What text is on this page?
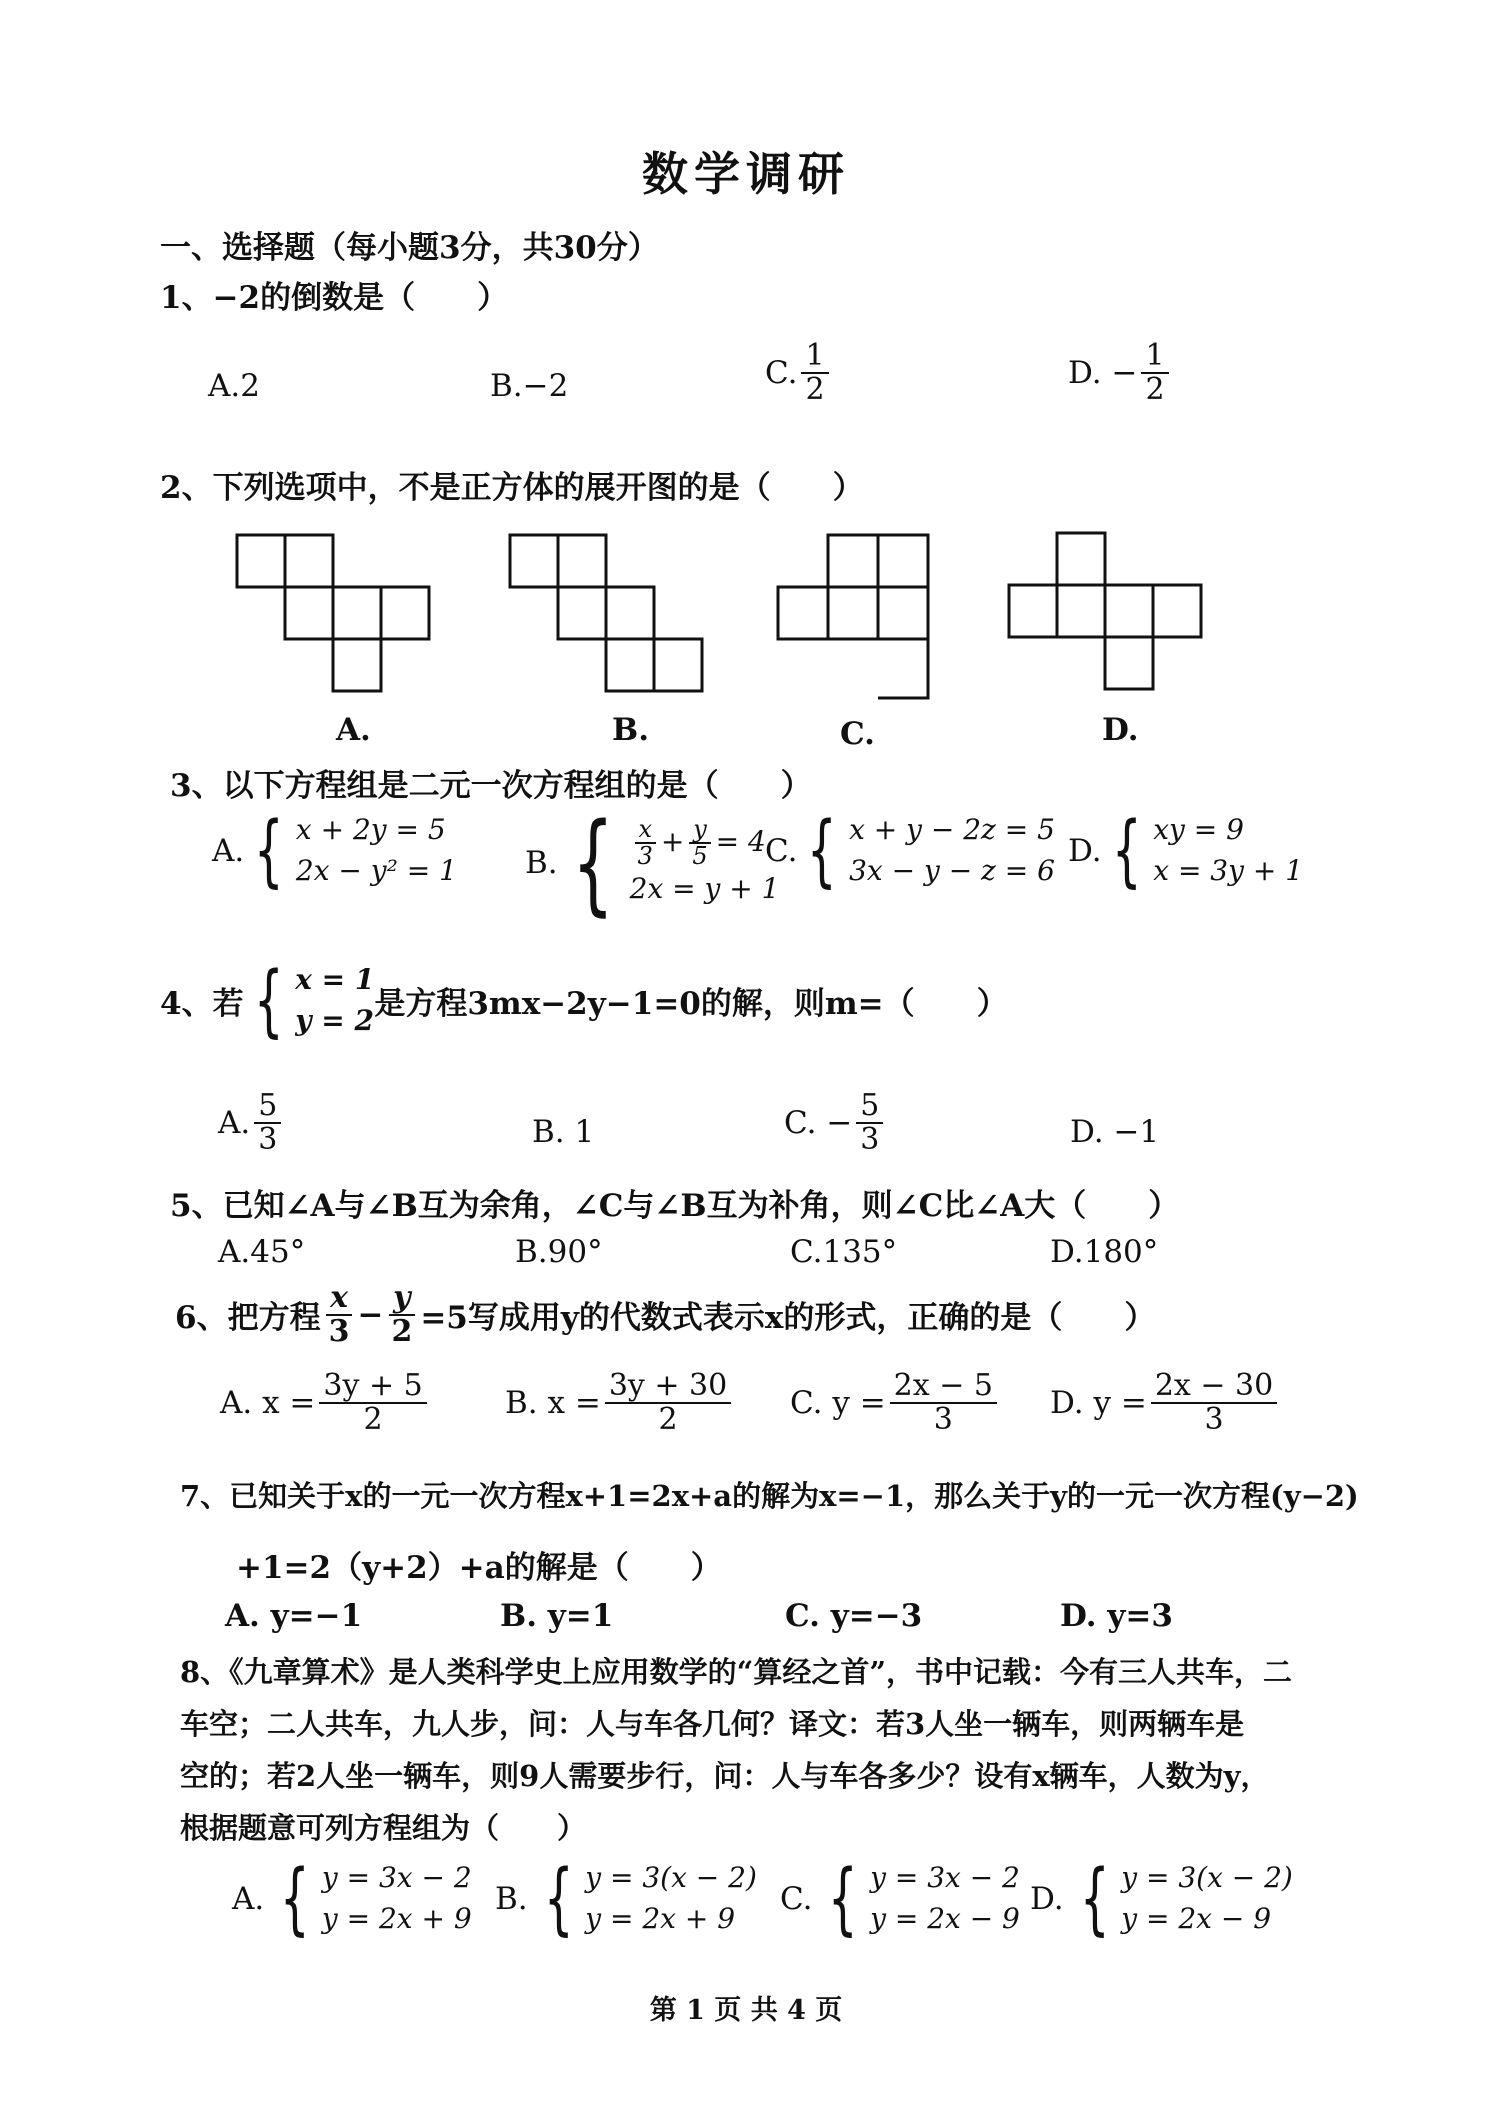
数学调研
一、选择题（每小题3分，共30分）
1、−2的倒数是（　　）
A.2	B.−2	C. $\frac{1}{2}$	D. − $\frac{1}{2}$
2、下列选项中，不是正方体的展开图的是（　　）
A.	B.	C.	D.
3、以下方程组是二元一次方程组的是（　　）
A. { x + 2y = 5
2x − y² = 1 B. { $\frac{x}{3} + \frac{y}{5} = 4$
2x = y + 1
C. { x + y − 2z = 5
3x − y − z = 6
D. { xy = 9
x = 3y + 1
4、若 { x = 1
y = 2 是方程3mx−2y−1=0的解，则m=（　　）
A. $\frac{5}{3}$	B. 1	C. − $\frac{5}{3}$	D. −1
5、已知∠A与∠B互为余角，∠C与∠B互为补角，则∠C比∠A大（　　）
A.45°	B.90°	C.135°	D.180°
6、把方程 $\frac{x}{3} - \frac{y}{2} =5$写成用y的代数式表示x的形式，正确的是（　　）
A. $x = \frac{3y + 5}{2}$	B. $x = \frac{3y + 30}{2} C$. $y = \frac{2x - 5}{3} D$. $y = \frac{2x - 30}{3}$
7、已知关于x的一元一次方程x+1=2x+a的解为x=−1，那么关于y的一元一次方程(y−2)
+1=2（y+2）+a的解是（　　）
A. y=−1	B. y=1	C. y=−3	D. y=3
8、《九章算术》是人类科学史上应用数学的“算经之首”，书中记载：今有三人共车，二
车空；二人共车，九人步，问：人与车各几何？译文：若3人坐一辆车，则两辆车是
空的；若2人坐一辆车，则9人需要步行，问：人与车各多少？设有x辆车，人数为y，
根据题意可列方程组为（　　）
A. { y = 3x − 2
y = 2x + 9
B. { y = 3(x − 2)
y = 2x + 9
C. { y = 3x − 2
y = 2x − 9
D. { y = 3(x − 2)
y = 2x − 9
第 1 页 共 4 页
